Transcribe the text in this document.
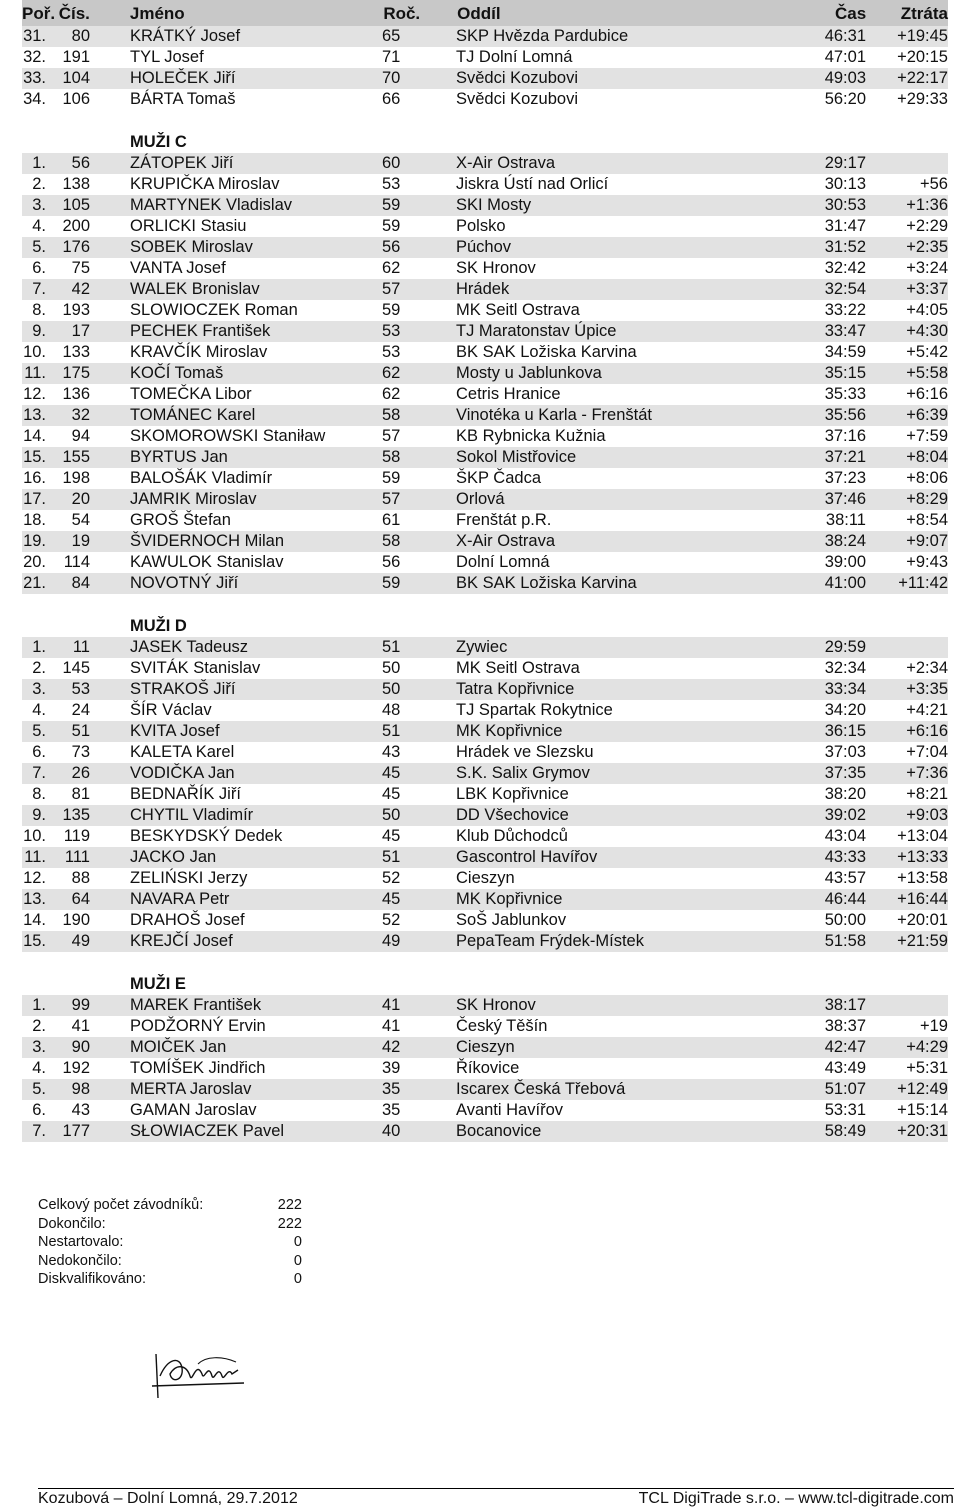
Poř. Čís.	Jméno	Roč.	Oddíl	Čas	Ztráta
31.	80	KRÁTKÝ Josef	65	SKP Hvězda Pardubice	46:31	+19:45
32. 191	TYL Josef	71	TJ Dolní Lomná	47:01	+20:15
33. 104	HOLEČEK Jiří	70	Svědci Kozubovi	49:03	+22:17
34. 106	BÁRTA Tomaš	66	Svědci Kozubovi	56:20	+29:33
MUŽI C
1.	56	ZÁTOPEK Jiří	60	X-Air Ostrava	29:17
2. 138	KRUPIČKA Miroslav	53	Jiskra Ústí nad Orlicí	30:13	+56
3. 105	MARTYNEK Vladislav	59	SKI Mosty	30:53	+1:36
4. 200	ORLICKI Stasiu	59	Polsko	31:47	+2:29
5. 176	SOBEK Miroslav	56	Púchov	31:52	+2:35
6.	75	VANTA Josef	62	SK Hronov	32:42	+3:24
7.	42	WALEK Bronislav	57	Hrádek	32:54	+3:37
8. 193	SLOWIOCZEK Roman	59	MK Seitl Ostrava	33:22	+4:05
9.	17	PECHEK František	53	TJ Maratonstav Úpice	33:47	+4:30
10. 133	KRAVČÍK Miroslav	53	BK SAK Ložiska Karvina	34:59	+5:42
11. 175	KOČÍ Tomaš	62	Mosty u Jablunkova	35:15	+5:58
12. 136	TOMEČKA Libor	62	Cetris Hranice	35:33	+6:16
13.	32	TOMÁNEC Karel	58	Vinotéka u Karla - Frenštát	35:56	+6:39
14.	94	SKOMOROWSKI Staniław	57	KB Rybnicka Kužnia	37:16	+7:59
15. 155	BYRTUS Jan	58	Sokol Mistřovice	37:21	+8:04
16. 198	BALOŠÁK Vladimír	59	ŠKP Čadca	37:23	+8:06
17.	20	JAMRIK Miroslav	57	Orlová	37:46	+8:29
18.	54	GROŠ Štefan	61	Frenštát p.R.	38:11	+8:54
19.	19	ŠVIDERNOCH Milan	58	X-Air Ostrava	38:24	+9:07
20.	114	KAWULOK Stanislav	56	Dolní Lomná	39:00	+9:43
21.	84	NOVOTNÝ Jiří	59	BK SAK Ložiska Karvina	41:00	+11:42
MUŽI D
1.	11	JASEK Tadeusz	51	Zywiec	29:59
2. 145	SVITÁK Stanislav	50	MK Seitl Ostrava	32:34	+2:34
3.	53	STRAKOŠ Jiří	50	Tatra Kopřivnice	33:34	+3:35
4.	24	ŠÍR Václav	48	TJ Spartak Rokytnice	34:20	+4:21
5.	51	KVITA Josef	51	MK Kopřivnice	36:15	+6:16
6.	73	KALETA Karel	43	Hrádek ve Slezsku	37:03	+7:04
7.	26	VODIČKA Jan	45	S.K. Salix Grymov	37:35	+7:36
8.	81	BEDNAŘÍK Jiří	45	LBK Kopřivnice	38:20	+8:21
9. 135	CHYTIL Vladimír	50	DD Všechovice	39:02	+9:03
10.	119	BESKYDSKÝ Dedek	45	Klub Důchodců	43:04	+13:04
11.	111	JACKO Jan	51	Gascontrol Havířov	43:33	+13:33
12.	88	ZELIŃSKI Jerzy	52	Cieszyn	43:57	+13:58
13.	64	NAVARA Petr	45	MK Kopřivnice	46:44	+16:44
14. 190	DRAHOŠ Josef	52	SoŠ Jablunkov	50:00	+20:01
15.	49	KREJČÍ Josef	49	PepaTeam Frýdek-Místek	51:58	+21:59
MUŽI E
1.	99	MAREK František	41	SK Hronov	38:17
2.	41	PODŽORNÝ Ervin	41	Český Těšín	38:37	+19
3.	90	MOIČEK Jan	42	Cieszyn	42:47	+4:29
4. 192	TOMÍŠEK Jindřich	39	Říkovice	43:49	+5:31
5.	98	MERTA Jaroslav	35	Iscarex Česká Třebová	51:07	+12:49
6.	43	GAMAN Jaroslav	35	Avanti Havířov	53:31	+15:14
7. 177	SŁOWIACZEK Pavel	40	Bocanovice	58:49	+20:31
Celkový počet závodníků:	222
Dokončilo:	222
Nestartovalo:	0
Nedokončilo:	0
Diskvalifikováno:	0
Kozubová – Dolní Lomná, 29.7.2012	TCL DigiTrade s.r.o. – www.tcl-digitrade.com
